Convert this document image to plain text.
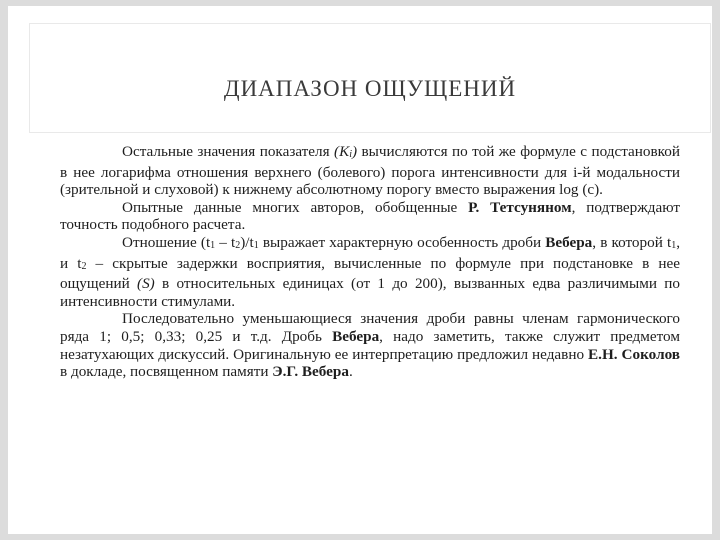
ДИАПАЗОН ОЩУЩЕНИЙ

Остальные значения показателя (Ki) вычисляются по той же формуле с подстановкой в нее логарифма отношения верхнего (болевого) порога интенсивности для i-й модальности (зрительной и слуховой) к нижнему абсолютному порогу вместо выражения log (c).

Опытные данные многих авторов, обобщенные Р. Тетсуняном, подтверждают точность подобного расчета.

Отношение (t1 – t2)/t1 выражает характерную особенность дроби Вебера, в которой t1, и t2 – скрытые задержки восприятия, вычисленные по формуле при подстановке в нее ощущений (S) в относительных единицах (от 1 до 200), вызванных едва различимыми по интенсивности стимулами.

Последовательно уменьшающиеся значения дроби равны членам гармонического ряда 1; 0,5; 0,33; 0,25 и т.д. Дробь Вебера, надо заметить, также служит предметом незатухающих дискуссий. Оригинальную ее интерпретацию предложил недавно Е.Н. Соколов в докладе, посвященном памяти Э.Г. Вебера.
